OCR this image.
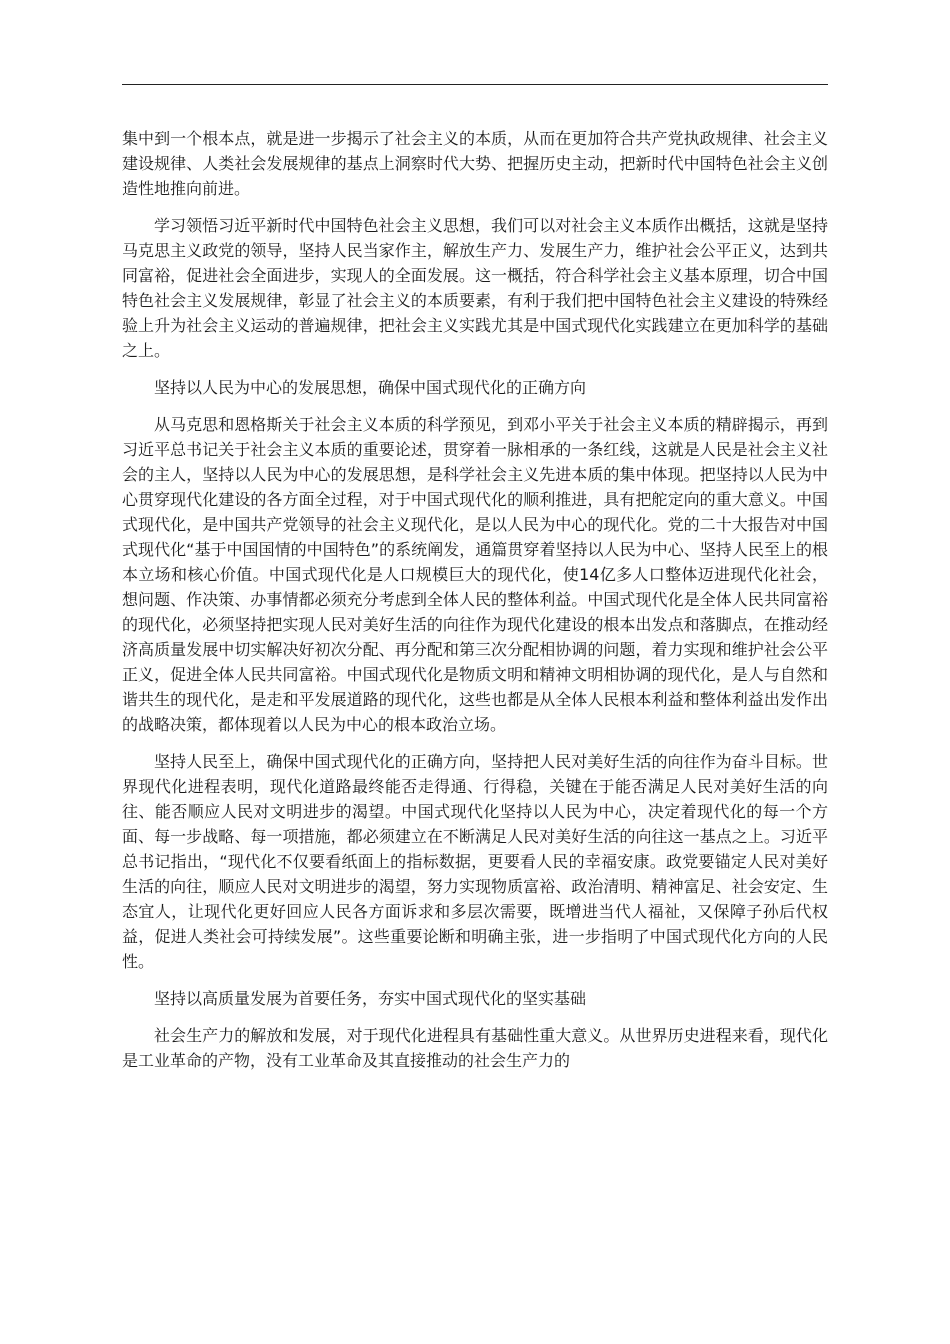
集中到一个根本点，就是进一步揭示了社会主义的本质，从而在更加符合共产党执政规律、社会主义建设规律、人类社会发展规律的基点上洞察时代大势、把握历史主动，把新时代中国特色社会主义创造性地推向前进。

学习领悟习近平新时代中国特色社会主义思想，我们可以对社会主义本质作出概括，这就是坚持马克思主义政党的领导，坚持人民当家作主，解放生产力、发展生产力，维护社会公平正义，达到共同富裕，促进社会全面进步，实现人的全面发展。这一概括，符合科学社会主义基本原理，切合中国特色社会主义发展规律，彰显了社会主义的本质要素，有利于我们把中国特色社会主义建设的特殊经验上升为社会主义运动的普遍规律，把社会主义实践尤其是中国式现代化实践建立在更加科学的基础之上。

坚持以人民为中心的发展思想，确保中国式现代化的正确方向

从马克思和恩格斯关于社会主义本质的科学预见，到邓小平关于社会主义本质的精辟揭示，再到习近平总书记关于社会主义本质的重要论述，贯穿着一脉相承的一条红线，这就是人民是社会主义社会的主人，坚持以人民为中心的发展思想，是科学社会主义先进本质的集中体现。把坚持以人民为中心贯穿现代化建设的各方面全过程，对于中国式现代化的顺利推进，具有把舵定向的重大意义。中国式现代化，是中国共产党领导的社会主义现代化，是以人民为中心的现代化。党的二十大报告对中国式现代化“基于中国国情的中国特色”的系统阐发，通篇贯穿着坚持以人民为中心、坚持人民至上的根本立场和核心价值。中国式现代化是人口规模巨大的现代化，使14亿多人口整体迈进现代化社会，想问题、作决策、办事情都必须充分考虑到全体人民的整体利益。中国式现代化是全体人民共同富裕的现代化，必须坚持把实现人民对美好生活的向往作为现代化建设的根本出发点和落脚点，在推动经济高质量发展中切实解决好初次分配、再分配和第三次分配相协调的问题，着力实现和维护社会公平正义，促进全体人民共同富裕。中国式现代化是物质文明和精神文明相协调的现代化，是人与自然和谐共生的现代化，是走和平发展道路的现代化，这些也都是从全体人民根本利益和整体利益出发作出的战略决策，都体现着以人民为中心的根本政治立场。

坚持人民至上，确保中国式现代化的正确方向，坚持把人民对美好生活的向往作为奋斗目标。世界现代化进程表明，现代化道路最终能否走得通、行得稳，关键在于能否满足人民对美好生活的向往、能否顺应人民对文明进步的渴望。中国式现代化坚持以人民为中心，决定着现代化的每一个方面、每一步战略、每一项措施，都必须建立在不断满足人民对美好生活的向往这一基点之上。习近平总书记指出，“现代化不仅要看纸面上的指标数据，更要看人民的幸福安康。政党要锚定人民对美好生活的向往，顺应人民对文明进步的渴望，努力实现物质富裕、政治清明、精神富足、社会安定、生态宜人，让现代化更好回应人民各方面诉求和多层次需要，既增进当代人福祉，又保障子孙后代权益，促进人类社会可持续发展”。这些重要论断和明确主张，进一步指明了中国式现代化方向的人民性。

坚持以高质量发展为首要任务，夯实中国式现代化的坚实基础

社会生产力的解放和发展，对于现代化进程具有基础性重大意义。从世界历史进程来看，现代化是工业革命的产物，没有工业革命及其直接推动的社会生产力的
